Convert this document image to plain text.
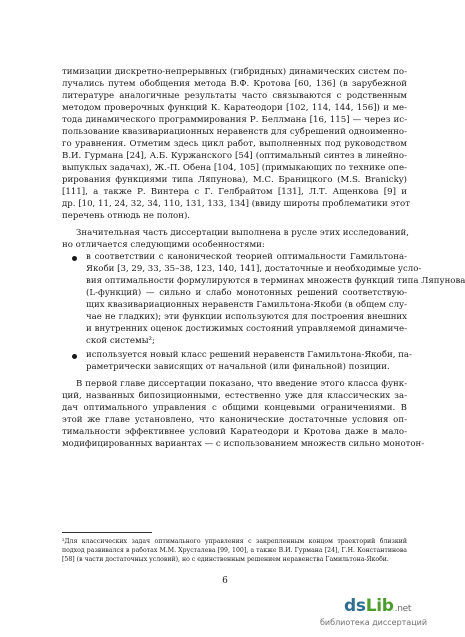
тимизации дискретно-непрерывных (гибридных) динамических систем по-
лучались путем обобщения метода В.Ф. Кротова [60, 136] (в зарубежной
литературе аналогичные результаты часто связываются с родственным
методом проверочных функций К. Каратеодори [102, 114, 144, 156]) и ме-
тода динамического программирования Р. Беллмана [16, 115] — через ис-
пользование квазивариационных неравенств для субрешений одноименно-
го уравнения. Отметим здесь цикл работ, выполненных под руководством
В.И. Гурмана [24], А.Б. Куржанского [54] (оптимальный синтез в линейно-
выпуклых задачах), Ж.-П. Обена [104, 105] (примыкающих по технике опе-
рирования функциями типа Ляпунова), М.С. Браницкого (M.S. Branicky)
[111], а также Р. Винтера с Г. Гелбрайтом [131], Л.Т. Ащенкова [9] и
др. [10, 11, 24, 32, 34, 110, 131, 133, 134] (ввиду широты проблематики этот
перечень отнюдь не полон).
Значительная часть диссертации выполнена в русле этих исследований,
но отличается следующими особенностями:
в соответствии с канонической теорией оптимальности Гамильтона-
Якоби [3, 29, 33, 35–38, 123, 140, 141], достаточные и необходимые усло-
вия оптимальности формулируются в терминах множеств функций типа Ляпунова
(L-функций) — сильно и слабо монотонных решений соответствую-
щих квазивариационных неравенств Гамильтона-Якоби (в общем слу-
чае не гладких); эти функции используются для построения внешних
и внутренних оценок достижимых состояний управляемой динамиче-
ской системы²;
используется новый класс решений неравенств Гамильтона-Якоби, па-
раметрически зависящих от начальной (или финальной) позиции.
В первой главе диссертации показано, что введение этого класса функ-
ций, названных бипозиционными, естественно уже для классических за-
дач оптимального управления с общими концевыми ограничениями. В
этой же главе установлено, что канонические достаточные условия оп-
тимальности эффективнее условий Каратеодори и Кротова даже в мало-
модифицированных вариантах — с использованием множеств сильно монотон-
²Для классических задач оптимального управления с закрепленным концом траекторий близкий
подход развивался в работах М.М. Хрусталева [99, 100], а также В.И. Гурмана [24], Г.Н. Константинова
[58] (в части достаточных условий), но с единственным решением неравенства Гамильтона-Якоби.
6
dsLib.net
библиотека диссертаций
